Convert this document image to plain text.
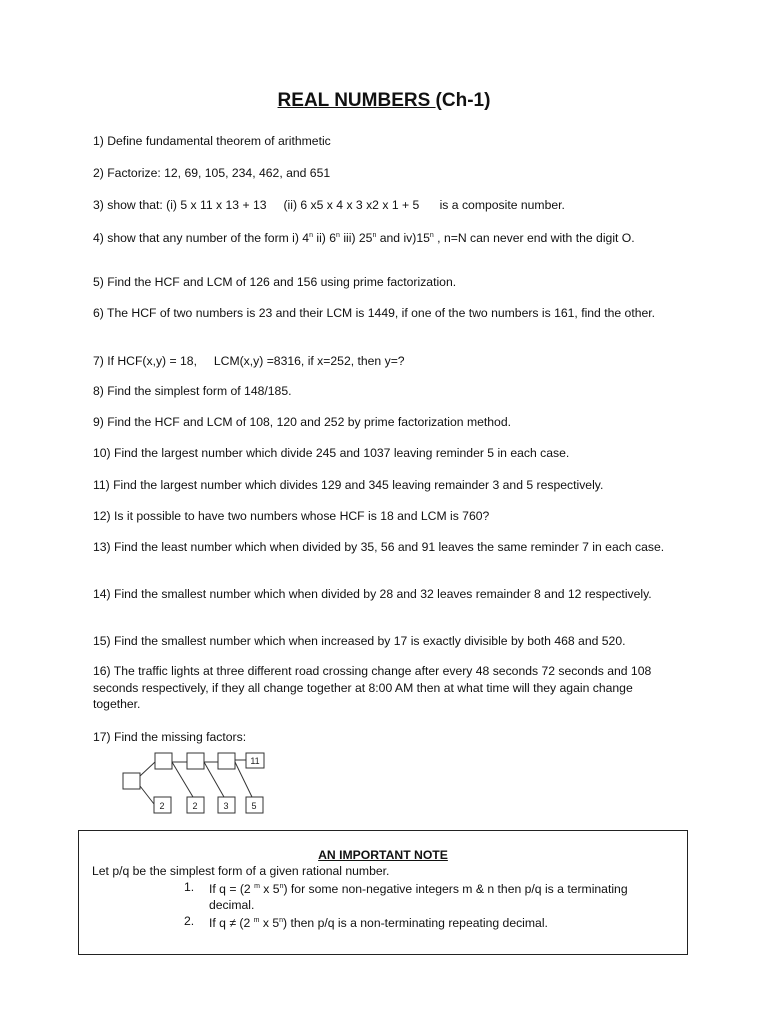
REAL NUMBERS (Ch-1)
1) Define fundamental theorem of arithmetic
2) Factorize: 12, 69, 105, 234, 462, and 651
3) show that: (i) 5 x 11 x 13 + 13     (ii) 6 x5 x 4 x 3 x2 x 1 + 5      is a composite number.
4) show that any number of the form i) 4$^n$ ii) 6$^n$ iii) 25$^n$ and iv)15$^n$ , n=N can never end with the digit O.
5) Find the HCF and LCM of 126 and 156 using prime factorization.
6) The HCF of two numbers is 23 and their LCM is 1449, if one of the two numbers is 161, find the other.
7) If HCF(x,y) = 18,     LCM(x,y) =8316, if x=252, then y=?
8) Find the simplest form of 148/185.
9) Find the HCF and LCM of 108, 120 and 252 by prime factorization method.
10) Find the largest number which divide 245 and 1037 leaving reminder 5 in each case.
11) Find the largest number which divides 129 and 345 leaving remainder 3 and 5 respectively.
12) Is it possible to have two numbers whose HCF is 18 and LCM is 760?
13) Find the least number which when divided by 35, 56 and 91 leaves the same reminder 7 in each case.
14) Find the smallest number which when divided by 28 and 32 leaves remainder 8 and 12 respectively.
15) Find the smallest number which when increased by 17 is exactly divisible by both 468 and 520.
16) The traffic lights at three different road crossing change after every 48 seconds 72 seconds and 108 seconds respectively, if they all change together at 8:00 AM then at what time will they again change together.
17) Find the missing factors:
11
2	2	3	5
AN IMPORTANT NOTE
Let p/q be the simplest form of a given rational number.
1. If q = (2 $^m$ x 5$^n$) for some non-negative integers m & n then p/q is a terminating decimal.
2. If q ≠ (2 $^m$ x 5$^n$) then p/q is a non-terminating repeating decimal.
